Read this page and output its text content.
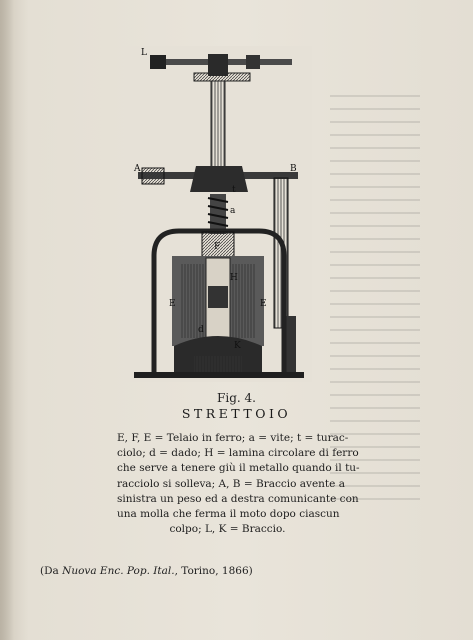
L
A	B
t
a
F
E	E
H
d
K
Fig. 4.
STRETTOIO
E, F, E = Telaio in ferro; a = vite; t = turac-
ciolo; d = dado; H = lamina circolare di ferro
che serve a tenere giù il metallo quando il tu-
racciolo si solleva; A, B = Braccio avente a
sinistra un peso ed a destra comunicante con
una molla che ferma il moto dopo ciascun
colpo; L, K = Braccio.
(Da Nuova Enc. Pop. Ital., Torino, 1866)
